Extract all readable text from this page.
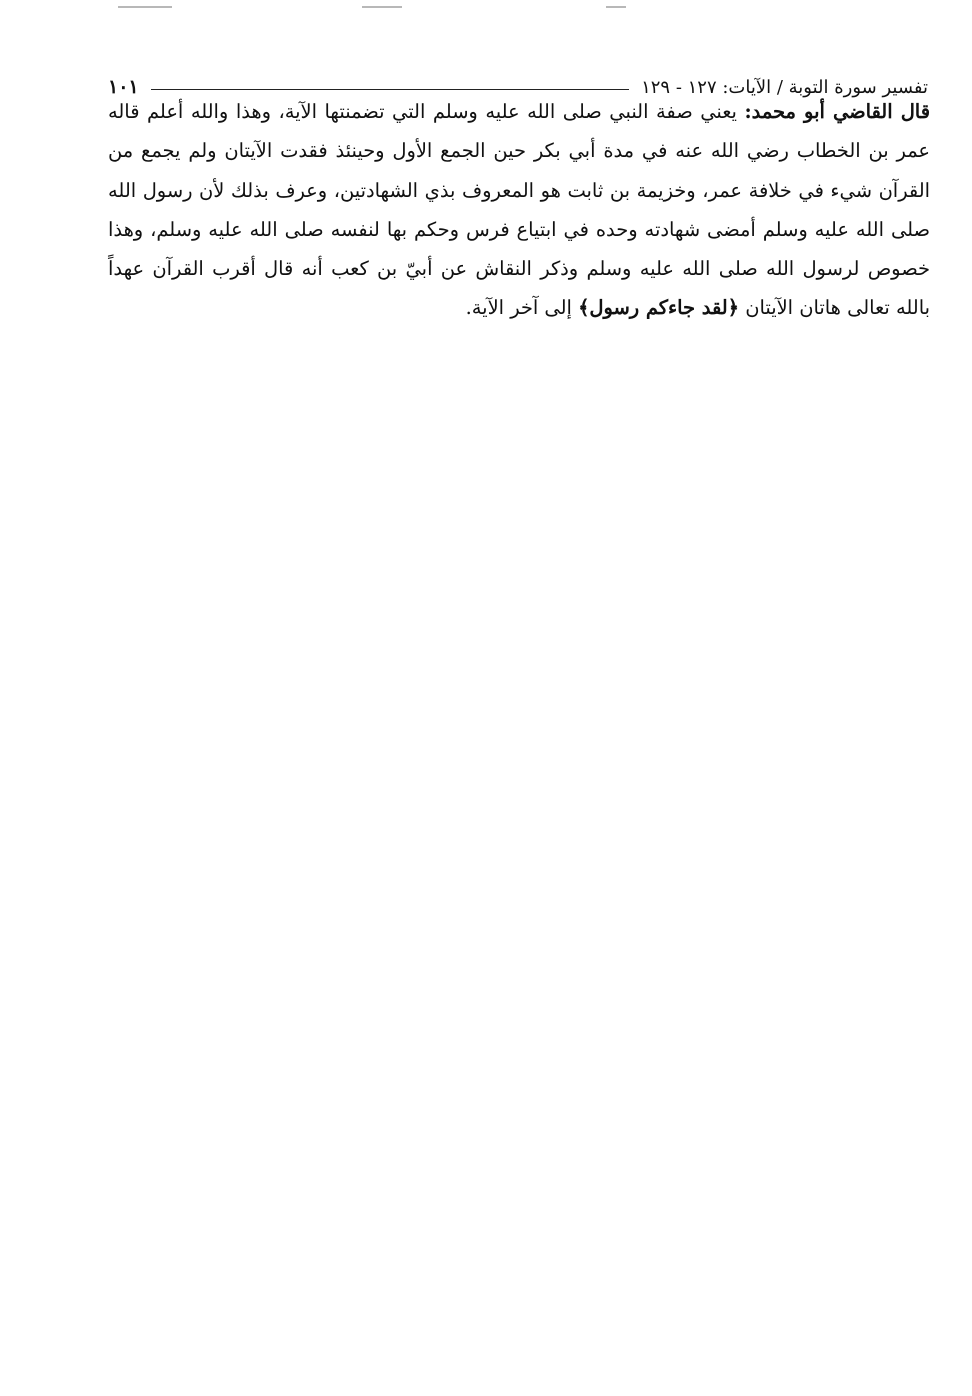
تفسير سورة التوبة / الآيات: ١٢٧ - ١٢٩
١٠١

قال القاضي أبو محمد: يعني صفة النبي صلى الله عليه وسلم التي تضمنتها الآية، وهذا والله أعلم قاله عمر بن الخطاب رضي الله عنه في مدة أبي بكر حين الجمع الأول وحينئذ فقدت الآيتان ولم يجمع من القرآن شيء في خلافة عمر، وخزيمة بن ثابت هو المعروف بذي الشهادتين، وعرف بذلك لأن رسول الله صلى الله عليه وسلم أمضى شهادته وحده في ابتياع فرس وحكم بها لنفسه صلى الله عليه وسلم، وهذا خصوص لرسول الله صلى الله عليه وسلم وذكر النقاش عن أبيّ بن كعب أنه قال أقرب القرآن عهداً بالله تعالى هاتان الآيتان ﴿لقد جاءكم رسول﴾ إلى آخر الآية.
